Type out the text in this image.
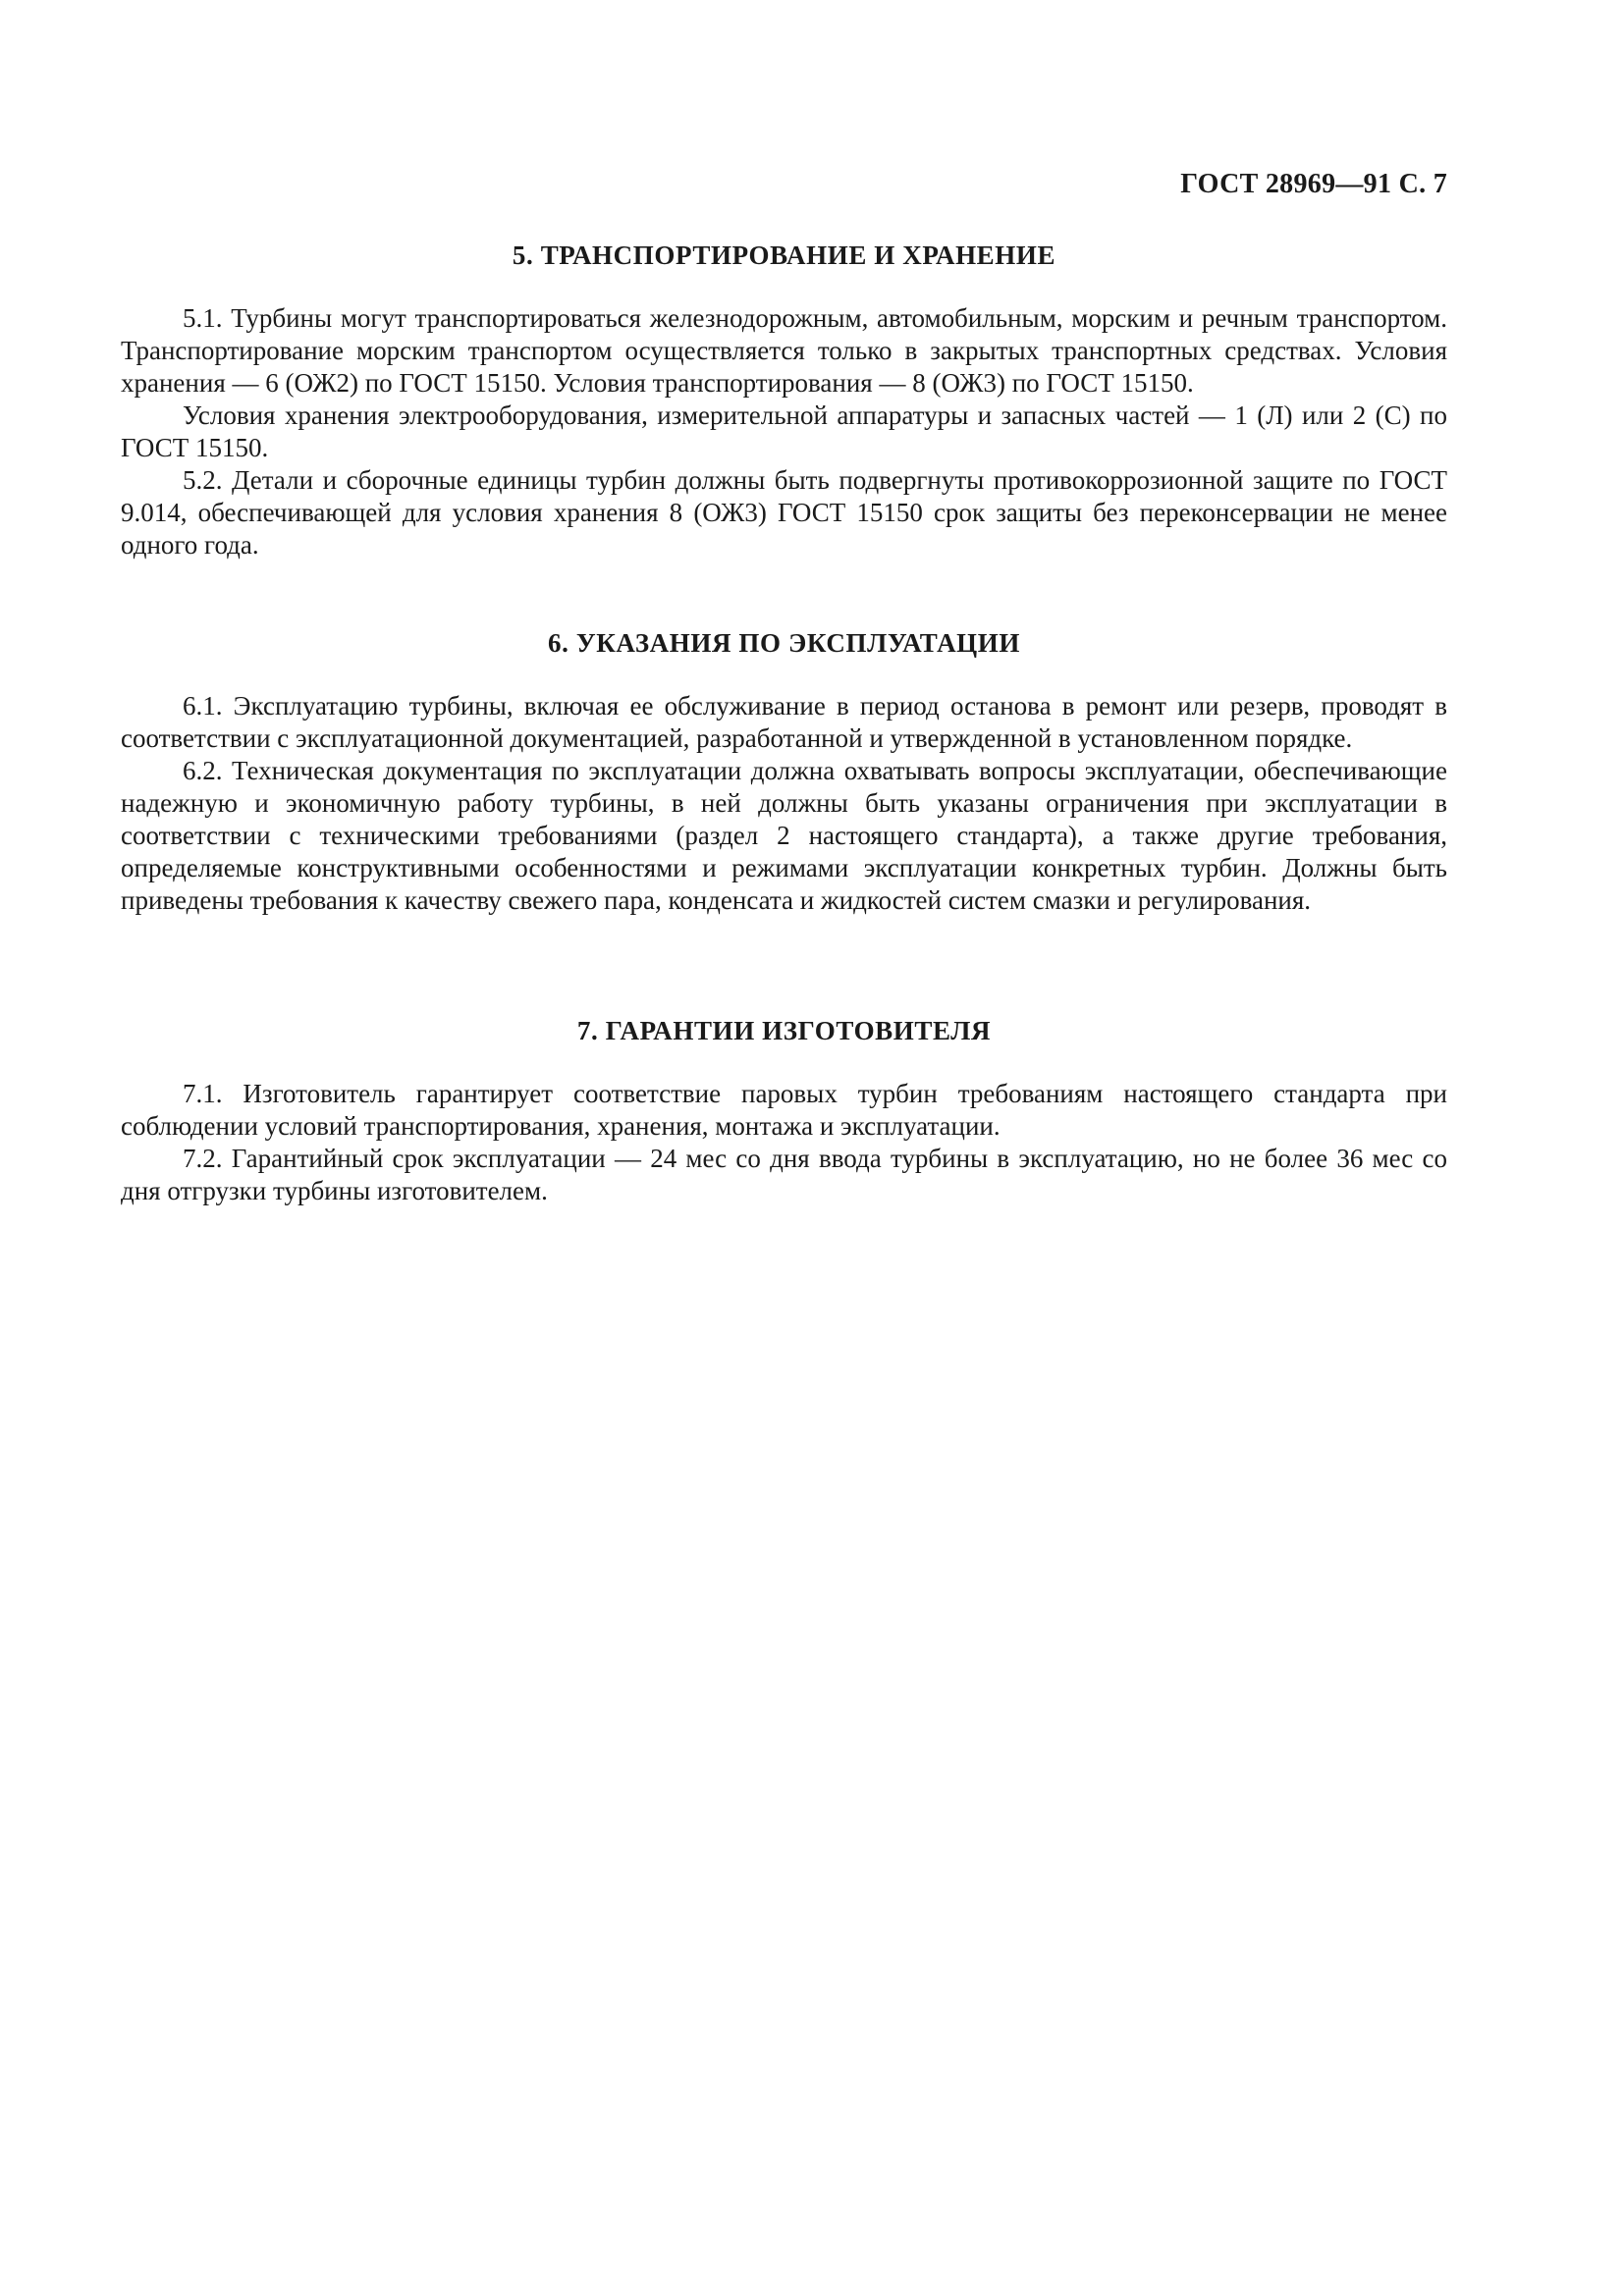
ГОСТ 28969—91 С. 7
5. ТРАНСПОРТИРОВАНИЕ И ХРАНЕНИЕ

5.1. Турбины могут транспортироваться железнодорожным, автомобильным, морским и речным транспортом. Транспортирование морским транспортом осуществляется только в закрытых транспортных средствах. Условия хранения — 6 (ОЖ2) по ГОСТ 15150. Условия транспортирования — 8 (ОЖ3) по ГОСТ 15150.

Условия хранения электрооборудования, измерительной аппаратуры и запасных частей — 1 (Л) или 2 (С) по ГОСТ 15150.

5.2. Детали и сборочные единицы турбин должны быть подвергнуты противокоррозионной защите по ГОСТ 9.014, обеспечивающей для условия хранения 8 (ОЖ3) ГОСТ 15150 срок защиты без переконсервации не менее одного года.

6. УКАЗАНИЯ ПО ЭКСПЛУАТАЦИИ

6.1. Эксплуатацию турбины, включая ее обслуживание в период останова в ремонт или резерв, проводят в соответствии с эксплуатационной документацией, разработанной и утвержденной в установленном порядке.

6.2. Техническая документация по эксплуатации должна охватывать вопросы эксплуатации, обеспечивающие надежную и экономичную работу турбины, в ней должны быть указаны ограничения при эксплуатации в соответствии с техническими требованиями (раздел 2 настоящего стандарта), а также другие требования, определяемые конструктивными особенностями и режимами эксплуатации конкретных турбин. Должны быть приведены требования к качеству свежего пара, конденсата и жидкостей систем смазки и регулирования.

7. ГАРАНТИИ ИЗГОТОВИТЕЛЯ

7.1. Изготовитель гарантирует соответствие паровых турбин требованиям настоящего стандарта при соблюдении условий транспортирования, хранения, монтажа и эксплуатации.

7.2. Гарантийный срок эксплуатации — 24 мес со дня ввода турбины в эксплуатацию, но не более 36 мес со дня отгрузки турбины изготовителем.
